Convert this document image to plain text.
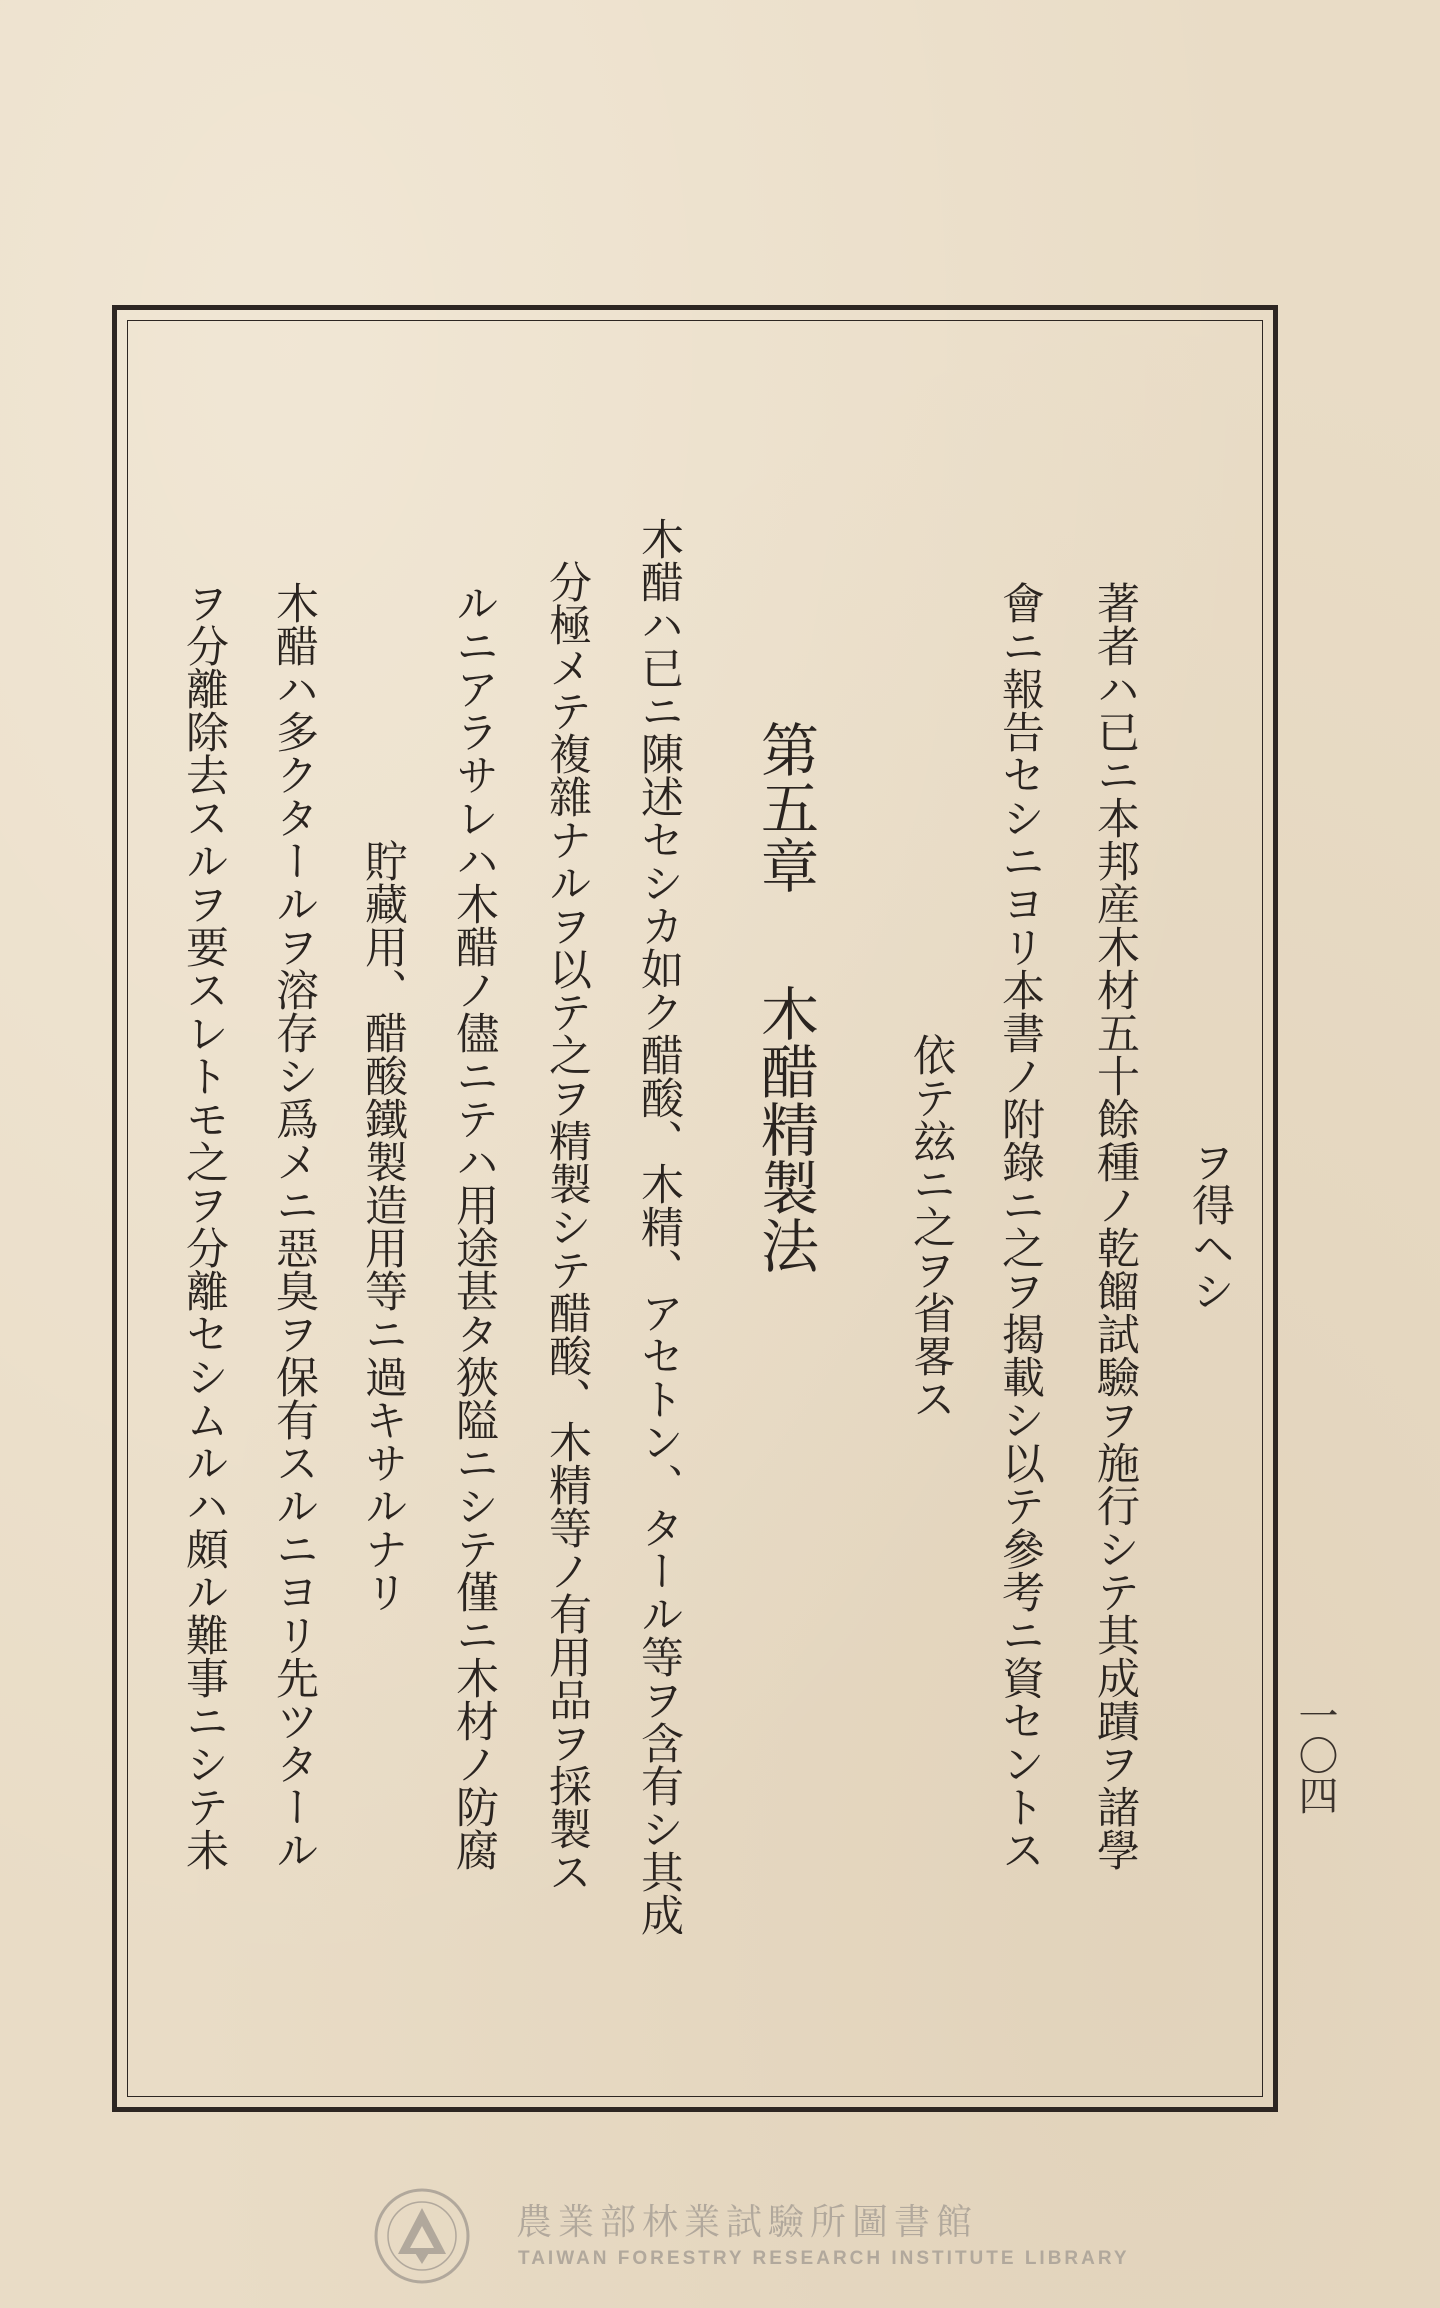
ヲ得ヘシ
著者ハ已ニ本邦産木材五十餘種ノ乾餾試驗ヲ施行シテ其成蹟ヲ諸學
會ニ報告セシニヨリ本書ノ附錄ニ之ヲ揭載シ以テ參考ニ資セントス
依テ玆ニ之ヲ省畧ス
第五章木醋精製法
木醋ハ已ニ陳述セシカ如ク醋酸、木精、アセトン、タール等ヲ含有シ其成
分極メテ複雜ナルヲ以テ之ヲ精製シテ醋酸、木精等ノ有用品ヲ採製ス
ルニアラサレハ木醋ノ儘ニテハ用途甚タ狹隘ニシテ僅ニ木材ノ防腐
貯藏用、醋酸鐵製造用等ニ過キサルナリ
木醋ハ多クタールヲ溶存シ爲メニ惡臭ヲ保有スルニヨリ先ツタール
ヲ分離除去スルヲ要スレトモ之ヲ分離セシムルハ頗ル難事ニシテ未	一〇四
農業部林業試驗所圖書館
TAIWAN FORESTRY RESEARCH INSTITUTE LIBRARY
